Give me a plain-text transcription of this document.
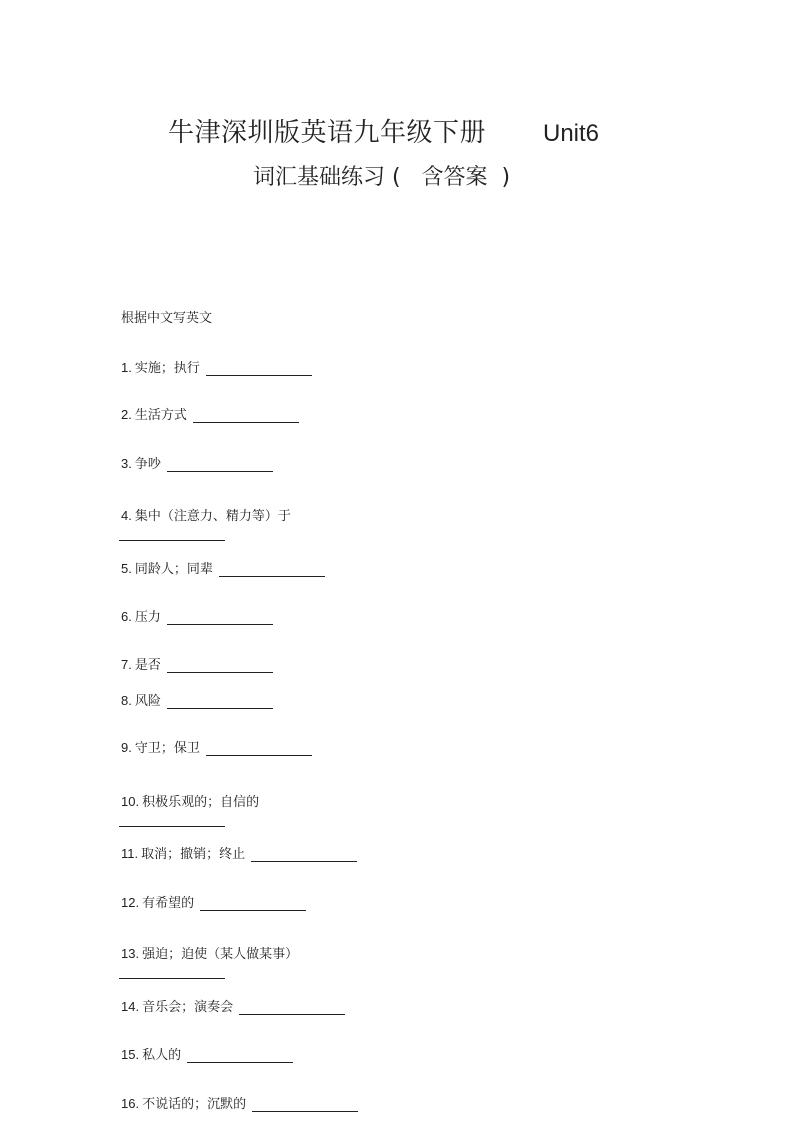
牛津深圳版英语九年级下册 Unit6
词汇基础练习 (   含答案  )
根据中文写英文
1. 实施；执行
2. 生活方式
3. 争吵
4. 集中（注意力、精力等）于
5. 同龄人；同辈
6. 压力
7. 是否
8. 风险
9. 守卫；保卫
10. 积极乐观的；自信的
11. 取消；撤销；终止
12. 有希望的
13. 强迫；迫使（某人做某事）
14. 音乐会；演奏会
15. 私人的
16. 不说话的；沉默的
